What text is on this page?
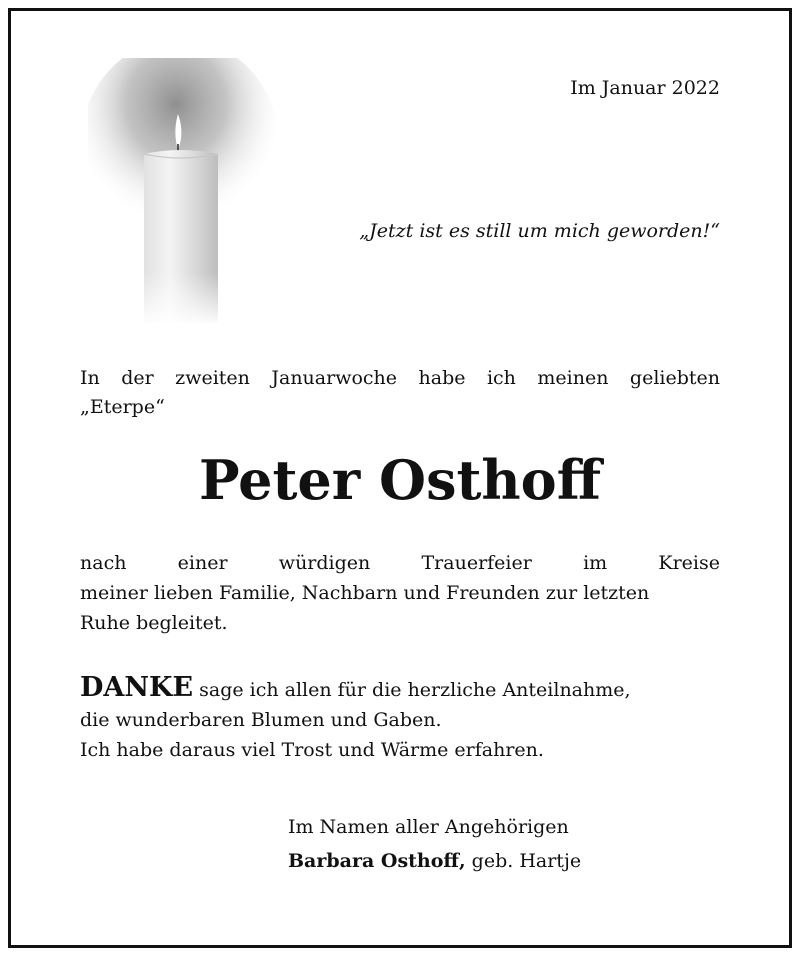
Im Januar 2022
„Jetzt ist es still um mich geworden!“
In der zweiten Januarwoche habe ich meinen geliebten
„Eterpe“
Peter Osthoff
nach einer würdigen Trauerfeier im Kreise
meiner lieben Familie, Nachbarn und Freunden zur letzten
Ruhe begleitet.
DANKE sage ich allen für die herzliche Anteilnahme,
die wunderbaren Blumen und Gaben.
Ich habe daraus viel Trost und Wärme erfahren.
Im Namen aller Angehörigen
Barbara Osthoff, geb. Hartje
